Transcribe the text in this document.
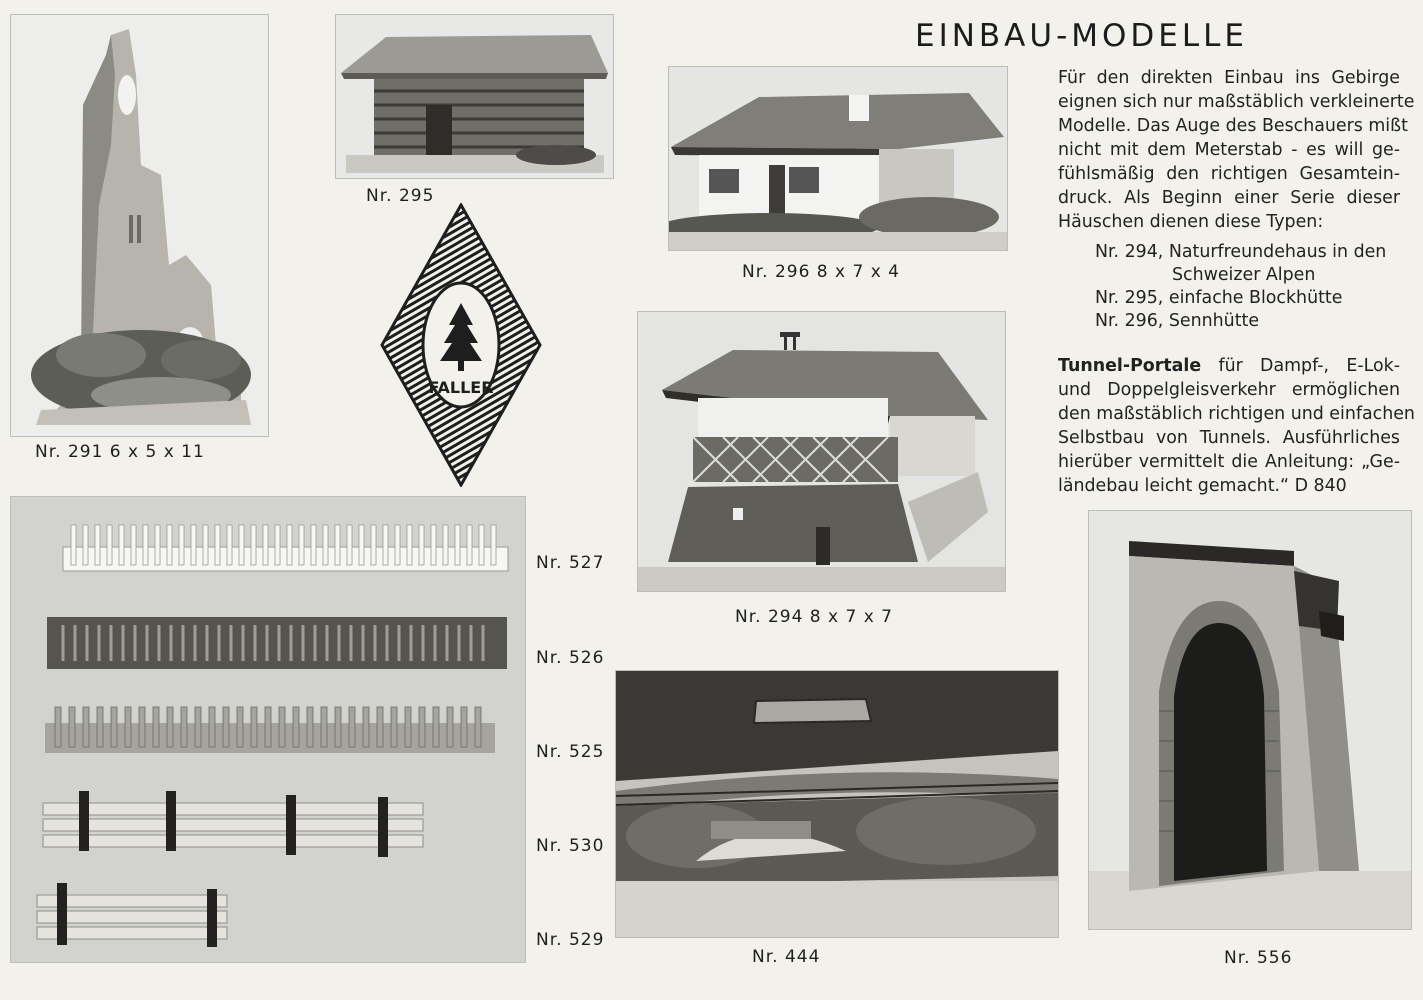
EINBAU-MODELLE
Für den direkten Einbau ins Gebirge
eignen sich nur maßstäblich verkleinerte
Modelle. Das Auge des Beschauers mißt
nicht mit dem Meterstab - es will ge-
fühlsmäßig den richtigen Gesamtein-
druck. Als Beginn einer Serie dieser
Häuschen dienen diese Typen:
Nr. 294, Naturfreundehaus in den
Schweizer Alpen
Nr. 295, einfache Blockhütte
Nr. 296, Sennhütte
Tunnel-Portale für Dampf-, E-Lok-
und Doppelgleisverkehr ermöglichen
den maßstäblich richtigen und einfachen
Selbstbau von Tunnels. Ausführliches
hierüber vermittelt die Anleitung: „Ge-
ländebau leicht gemacht.“ D 840
Nr. 291 6 x 5 x 11
Nr. 295
Nr. 296 8 x 7 x 4
FALLER
Nr. 294 8 x 7 x 7
Nr. 527
Nr. 526
Nr. 525
Nr. 530
Nr. 529
Nr. 444	Nr. 556
